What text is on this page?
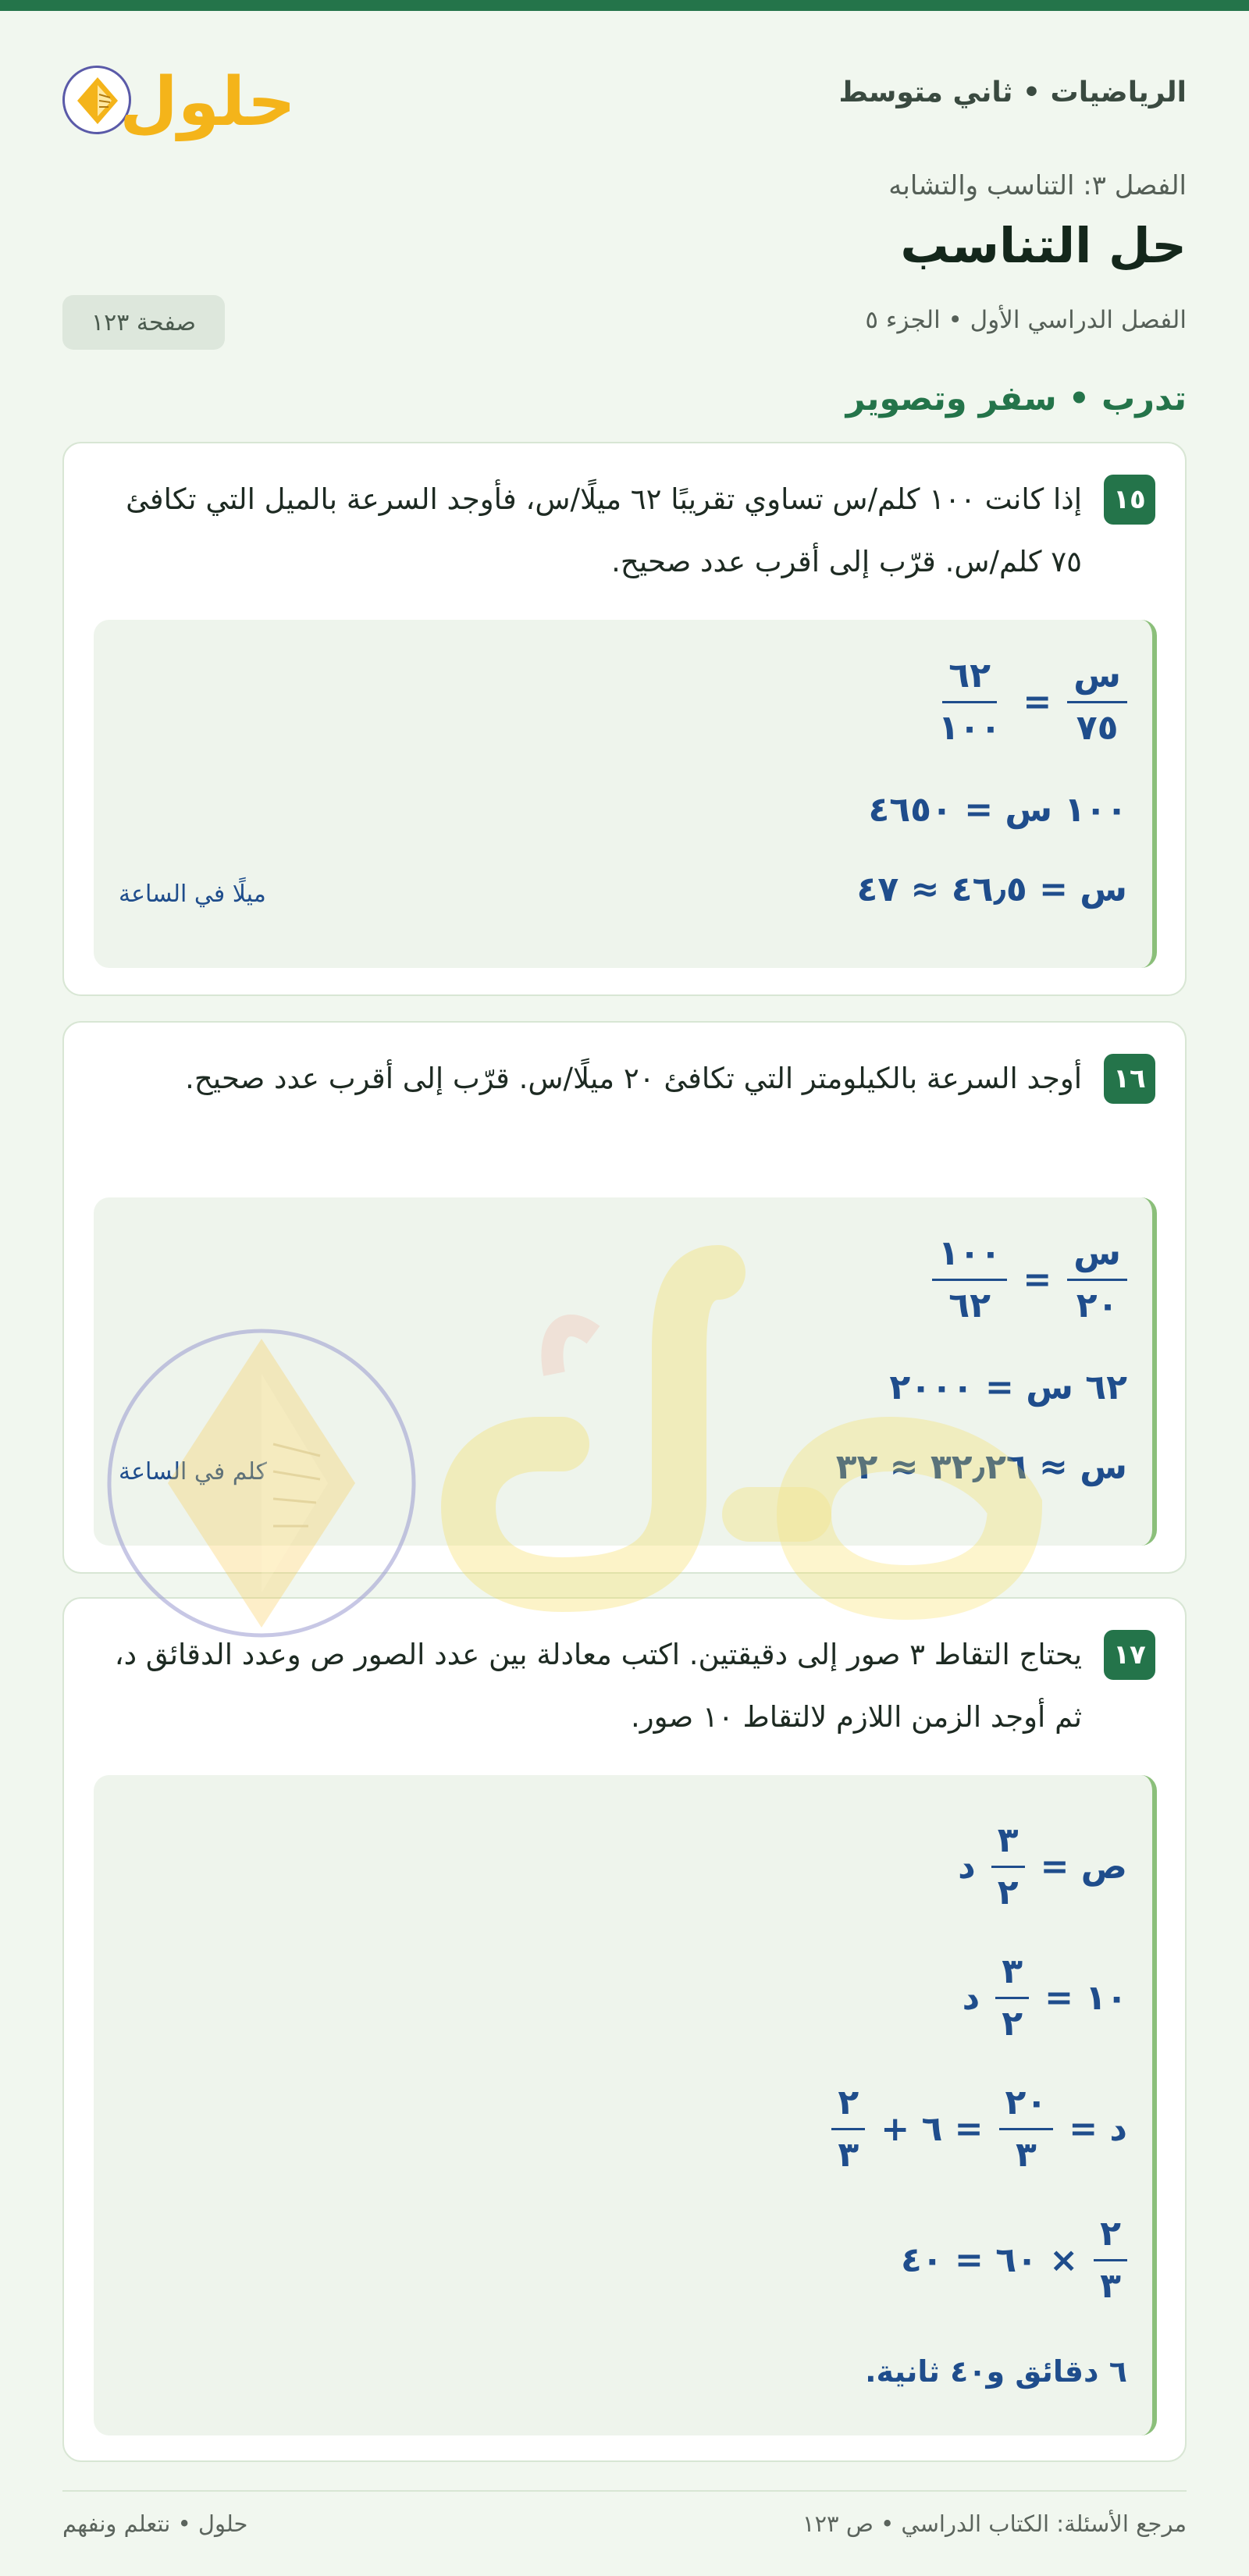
حلول	الرياضيات • ثاني متوسط
الفصل ٣: التناسب والتشابه
حل التناسب
الفصل الدراسي الأول • الجزء ٥
صفحة ١٢٣
تدرب • سفر وتصوير
١٥
إذا كانت ١٠٠ كلم/س تساوي تقريبًا ٦٢ ميلًا/س، فأوجد السرعة بالميل التي تكافئ ٧٥ كلم/س. قرّب إلى أقرب عدد صحيح.
$\frac{\text{س}}{٧٥}$
=
$\frac{٦٢}{١٠٠}$
١٠٠ س = ٤٦٥٠
س = ٤٦٫٥ ≈ ٤٧
ميلًا في الساعة
١٦
أوجد السرعة بالكيلومتر التي تكافئ ٢٠ ميلًا/س. قرّب إلى أقرب عدد صحيح.
$\frac{\text{س}}{٢٠}$
=
$\frac{١٠٠}{٦٢}$
٦٢ س = ٢٠٠٠
س ≈ ٣٢٫٢٦ ≈ ٣٢
كلم في الساعة
١٧
يحتاج التقاط ٣ صور إلى دقيقتين. اكتب معادلة بين عدد الصور ص وعدد الدقائق د، ثم أوجد الزمن اللازم لالتقاط ١٠ صور.
ص =
$\frac{٣}{٢}$
د
١٠ =
$\frac{٣}{٢}$
د
د =
$\frac{٢٠}{٣}$
= ٦ +
$\frac{٢}{٣}$
$\frac{٢}{٣}$
× ٦٠ = ٤٠
٦ دقائق و٤٠ ثانية.
مرجع الأسئلة: الكتاب الدراسي • ص ١٢٣
حلول • نتعلم ونفهم
